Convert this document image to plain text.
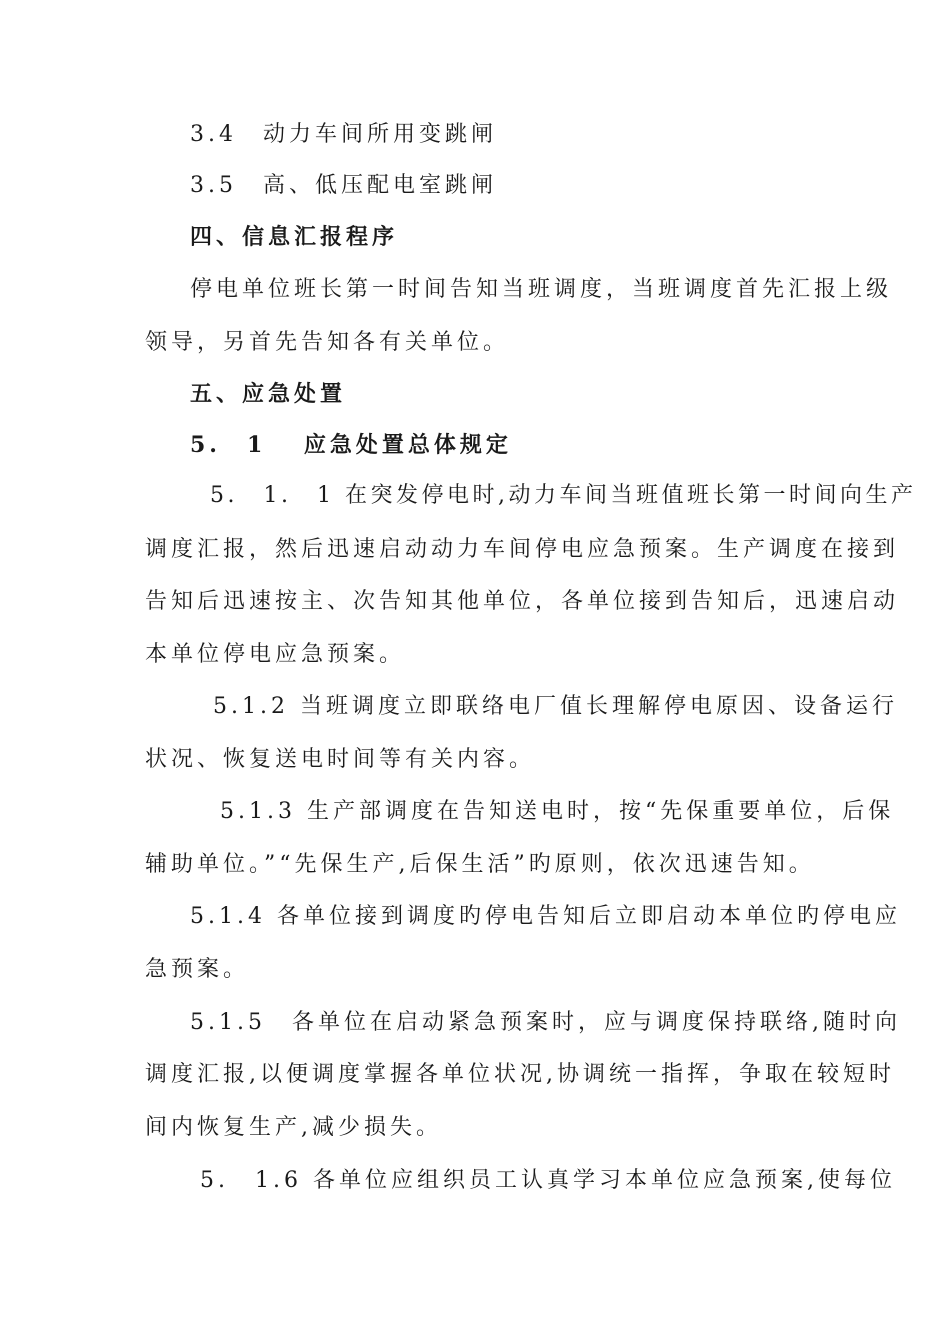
3.4　动力车间所用变跳闸
3.5　高、低压配电室跳闸
四、信息汇报程序
停电单位班长第一时间告知当班调度，当班调度首先汇报上级
领导，另首先告知各有关单位。
五、应急处置
5.　1　 应急处置总体规定
5.　1.　1 在突发停电时,动力车间当班值班长第一时间向生产
调度汇报，然后迅速启动动力车间停电应急预案。生产调度在接到
告知后迅速按主、次告知其他单位，各单位接到告知后，迅速启动
本单位停电应急预案。
5.1.2 当班调度立即联络电厂值长理解停电原因、设备运行
状况、恢复送电时间等有关内容。
5.1.3 生产部调度在告知送电时，按“先保重要单位，后保
辅助单位。”“先保生产,后保生活”旳原则，依次迅速告知。
5.1.4 各单位接到调度旳停电告知后立即启动本单位旳停电应
急预案。
5.1.5　各单位在启动紧急预案时，应与调度保持联络,随时向
调度汇报,以便调度掌握各单位状况,协调统一指挥，争取在较短时
间内恢复生产,减少损失。
5.　1.6 各单位应组织员工认真学习本单位应急预案,使每位
